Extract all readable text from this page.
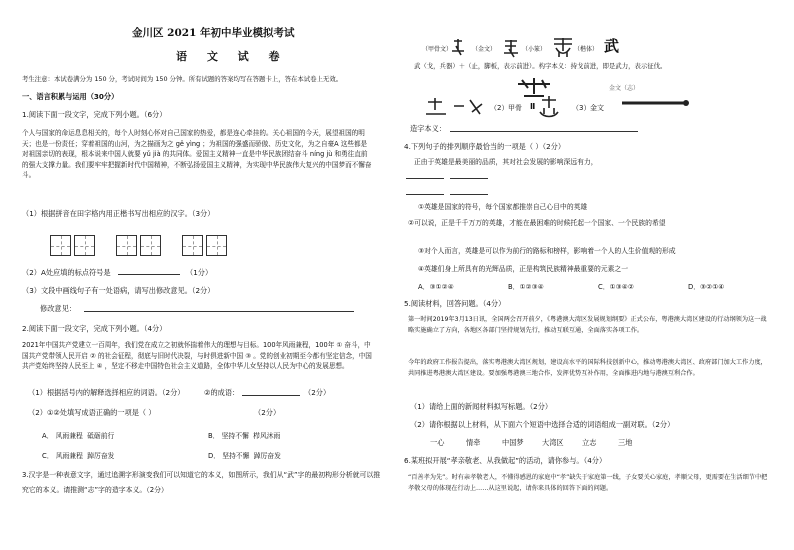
金川区 2021 年初中毕业模拟考试
语 文 试 卷
考生注意：本试卷满分为 150 分，考试时间为 150 分钟。所有试题的答案均写在答题卡上，答在本试卷上无效。
一、语言积累与运用（30分）
1.阅读下面一段文字，完成下列小题。（6分）
个人与国家的命运息息相关的，每个人时刻心怀对自己国家的热爱，都是连心牵挂的。关心祖国的今天，展望祖国的明天；也是一份责任；穿着祖国的山河，为之描画为之 gě yìng ；为祖国的强盛而骄傲、历史文化，为之自豪A 这些都是对祖国亲切的表现，根本说来中国人就要 yǔ jià 的共同体。爱国主义精神一直是中华民族团结奋斗 níng jù 和勇往直前的强大支撑力量。我们要牢牢把握新时代中国精神，不断弘扬爱国主义精神，为实现中华民族伟大复兴的中国梦而不懈奋斗。
（1）根据拼音在田字格内用正楷书写出相应的汉字。（3分）
（2）A处应填的标点符号是	（1分）
（3）文段中画线句子有一处语病，请写出修改意见。（2分）
修改意见：
2.阅读下面一段文字，完成下列小题。（4分）
2021年中国共产党建立一百周年，我们党在成立之初就怀揣着伟大的理想与目标。100年风雨兼程，100年 ① 奋斗，中国共产党带领人民开启 ② 的社会征程，彻底与旧时代决裂，与时俱进新中国 ③ 。党的创业初期至今都有坚定信念，中国共产党始终坚持人民至上 ④ ，坚定不移走中国特色社会主义道路，全体中华儿女坚持以人民为中心的发展思想。
（1）根据括号内的解释选择相应的词语。（2分）	②的成语：	（2分）
（2）①②处填写成语正确的一项是（ ）	（2分）
A． 风雨兼程 砥砺前行	B． 坚持不懈 栉风沐雨
C． 风雨兼程 踔厉奋发	D． 坚持不懈 踔厉奋发
3.汉字是一种表意文字，通过追溯字形演变我们可以知道它的本义，如图所示，我们从“武”字的最初构形分析就可以推究它的本义。请推测“志”字的造字本义。（2分）
（甲骨文）	（金文）	（小篆）	（楷体） 武
武（戈，兵器）＋（止，脚板，表示前进）。构字本义：持戈前进，即是武力，表示征伐。
Ⅱ
金文（志）
（2） 甲骨	（3） 金文
造字本义：
4.下列句子的排列顺序最恰当的一项是（ ）（2分）
正由于英雄是最美丽的品质，其对社会发展的影响深远有力，
①英雄是国家的符号，每个国家都推崇自己心目中的英雄
②可以说，正是千千万万的英雄，才能在最困难的时候托起一个国家、一个民族的希望
③对个人而言，英雄是可以作为前行的路标和榜样，影响着一个人的人生价值观的形成
④英雄们身上所具有的光辉品质，正是构筑民族精神最重要的元素之一
A．③①②④	B．①②③④	C．①③④②	D．③②①④
5.阅读材料，回答问题。（4分）
第一时间2019年3月13日讯，全国两会召开前夕，《粤港澳大湾区发展规划纲要》正式公布，粤港澳大湾区建设的行动纲领为这一战略实施确立了方向，各地区各部门坚持规划先行，推动互联互通，全面落实各项工作。
今年的政府工作报告提出，落实粤港澳大湾区规划，建设高水平的国际科技创新中心，推动粤港澳大湾区、政府部门加大工作力度，共同推进粤港澳大湾区建设。要加强粤港澳三地合作，发挥优势互补作用，全面推进内地与港澳互利合作。
（1）请给上面的新闻材料拟写标题。（2分）
（2）请你根据以上材料，从下面六个短语中选择合适的词语组成一副对联。（2分）
一心	情牵	中国梦	大湾区	立志	三地
6.某班拟开展“孝亲敬老、从我做起”的活动，请你参与。（4分）
“百善孝为先”。时有亲孝敬老人，不懂得感恩的家庭中“孝”缺失于家庭第一线，子女要关心家庭，孝顺父母，更需要在生活细节中把孝敬父母的体现在行动上……从这里说起，请你来具体的回答下面的问题。
